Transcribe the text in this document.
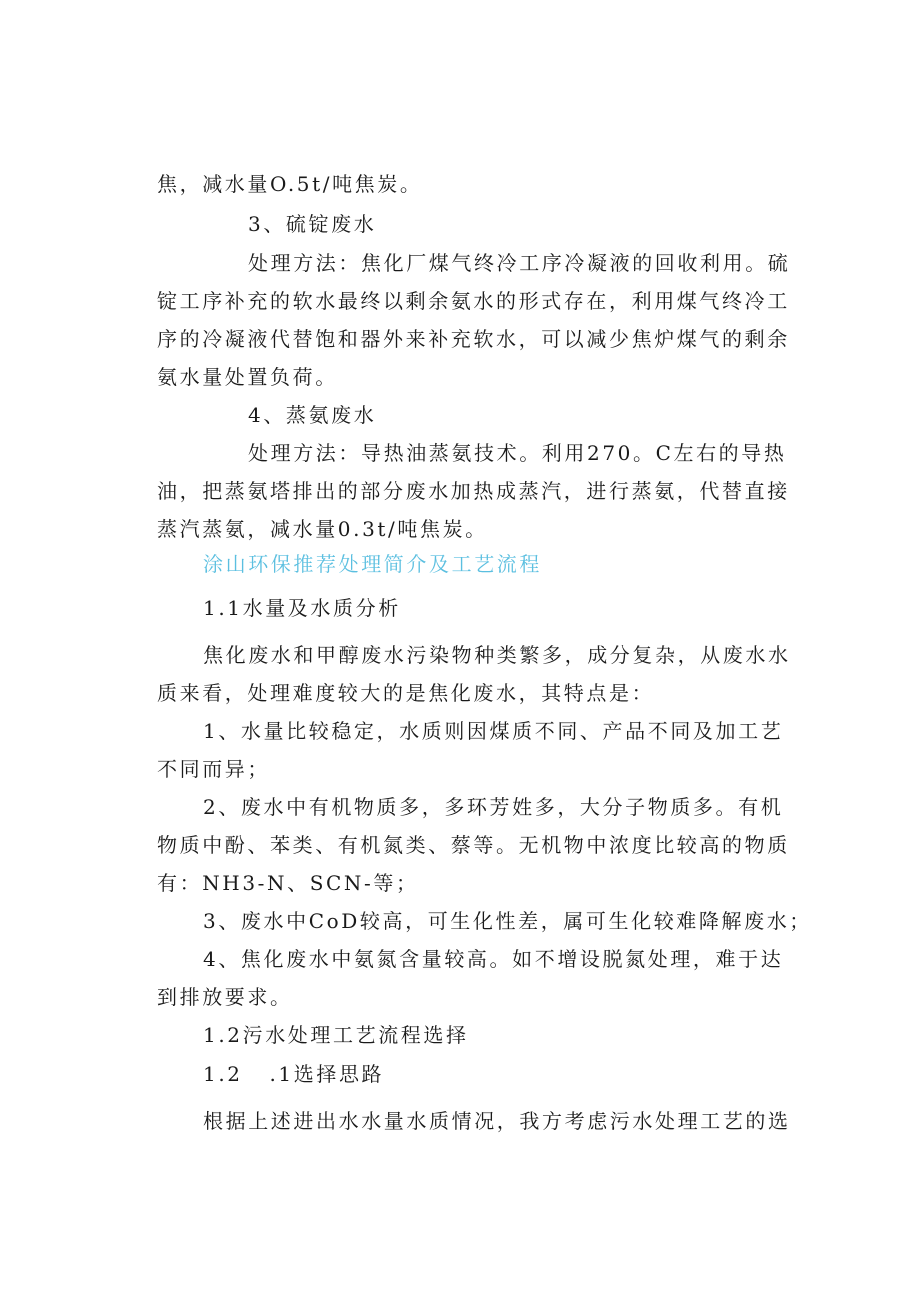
焦，减水量O.5t/吨焦炭。
3、硫锭废水
处理方法：焦化厂煤气终冷工序冷凝液的回收利用。硫
锭工序补充的软水最终以剩余氨水的形式存在，利用煤气终冷工
序的冷凝液代替饱和器外来补充软水，可以减少焦炉煤气的剩余
氨水量处置负荷。
4、蒸氨废水
处理方法：导热油蒸氨技术。利用270。C左右的导热
油，把蒸氨塔排出的部分废水加热成蒸汽，进行蒸氨，代替直接
蒸汽蒸氨，减水量0.3t/吨焦炭。
涂山环保推荐处理简介及工艺流程
1.1水量及水质分析
焦化废水和甲醇废水污染物种类繁多，成分复杂，从废水水
质来看，处理难度较大的是焦化废水，其特点是：
1、水量比较稳定，水质则因煤质不同、产品不同及加工艺
不同而异；
2、废水中有机物质多，多环芳姓多，大分子物质多。有机
物质中酚、苯类、有机氮类、蔡等。无机物中浓度比较高的物质
有：NH3-N、SCN-等；
3、废水中CoD较高，可生化性差，属可生化较难降解废水；
4、焦化废水中氨氮含量较高。如不增设脱氮处理，难于达
到排放要求。
1.2污水处理工艺流程选择
1.2   .1选择思路
根据上述进出水水量水质情况，我方考虑污水处理工艺的选
